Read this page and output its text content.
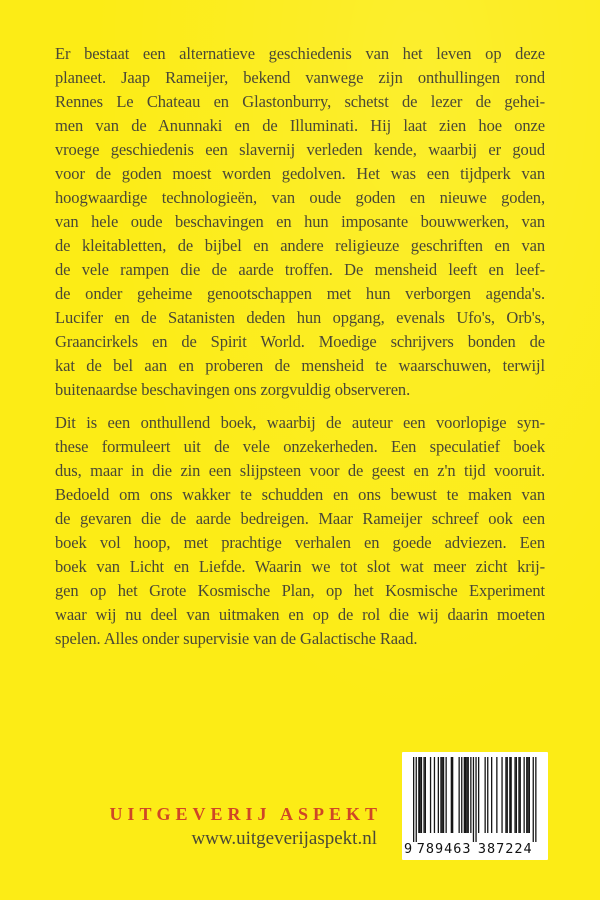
Er bestaat een alternatieve geschiedenis van het leven op deze
planeet. Jaap Rameijer, bekend vanwege zijn onthullingen rond
Rennes Le Chateau en Glastonburry, schetst de lezer de gehei-
men van de Anunnaki en de Illuminati. Hij laat zien hoe onze
vroege geschiedenis een slavernij verleden kende, waarbij er goud
voor de goden moest worden gedolven. Het was een tijdperk van
hoogwaardige technologieën, van oude goden en nieuwe goden,
van hele oude beschavingen en hun imposante bouwwerken, van
de kleitabletten, de bijbel en andere religieuze geschriften en van
de vele rampen die de aarde troffen. De mensheid leeft en leef-
de onder geheime genootschappen met hun verborgen agenda's.
Lucifer en de Satanisten deden hun opgang, evenals Ufo's, Orb's,
Graancirkels en de Spirit World. Moedige schrijvers bonden de
kat de bel aan en proberen de mensheid te waarschuwen, terwijl
buitenaardse beschavingen ons zorgvuldig observeren.
Dit is een onthullend boek, waarbij de auteur een voorlopige syn-
these formuleert uit de vele onzekerheden. Een speculatief boek
dus, maar in die zin een slijpsteen voor de geest en z'n tijd vooruit.
Bedoeld om ons wakker te schudden en ons bewust te maken van
de gevaren die de aarde bedreigen. Maar Rameijer schreef ook een
boek vol hoop, met prachtige verhalen en goede adviezen. Een
boek van Licht en Liefde. Waarin we tot slot wat meer zicht krij-
gen op het Grote Kosmische Plan, op het Kosmische Experiment
waar wij nu deel van uitmaken en op de rol die wij daarin moeten
spelen. Alles onder supervisie van de Galactische Raad.
UITGEVERIJ ASPEKT
www.uitgeverijaspekt.nl 9 789463 387224
